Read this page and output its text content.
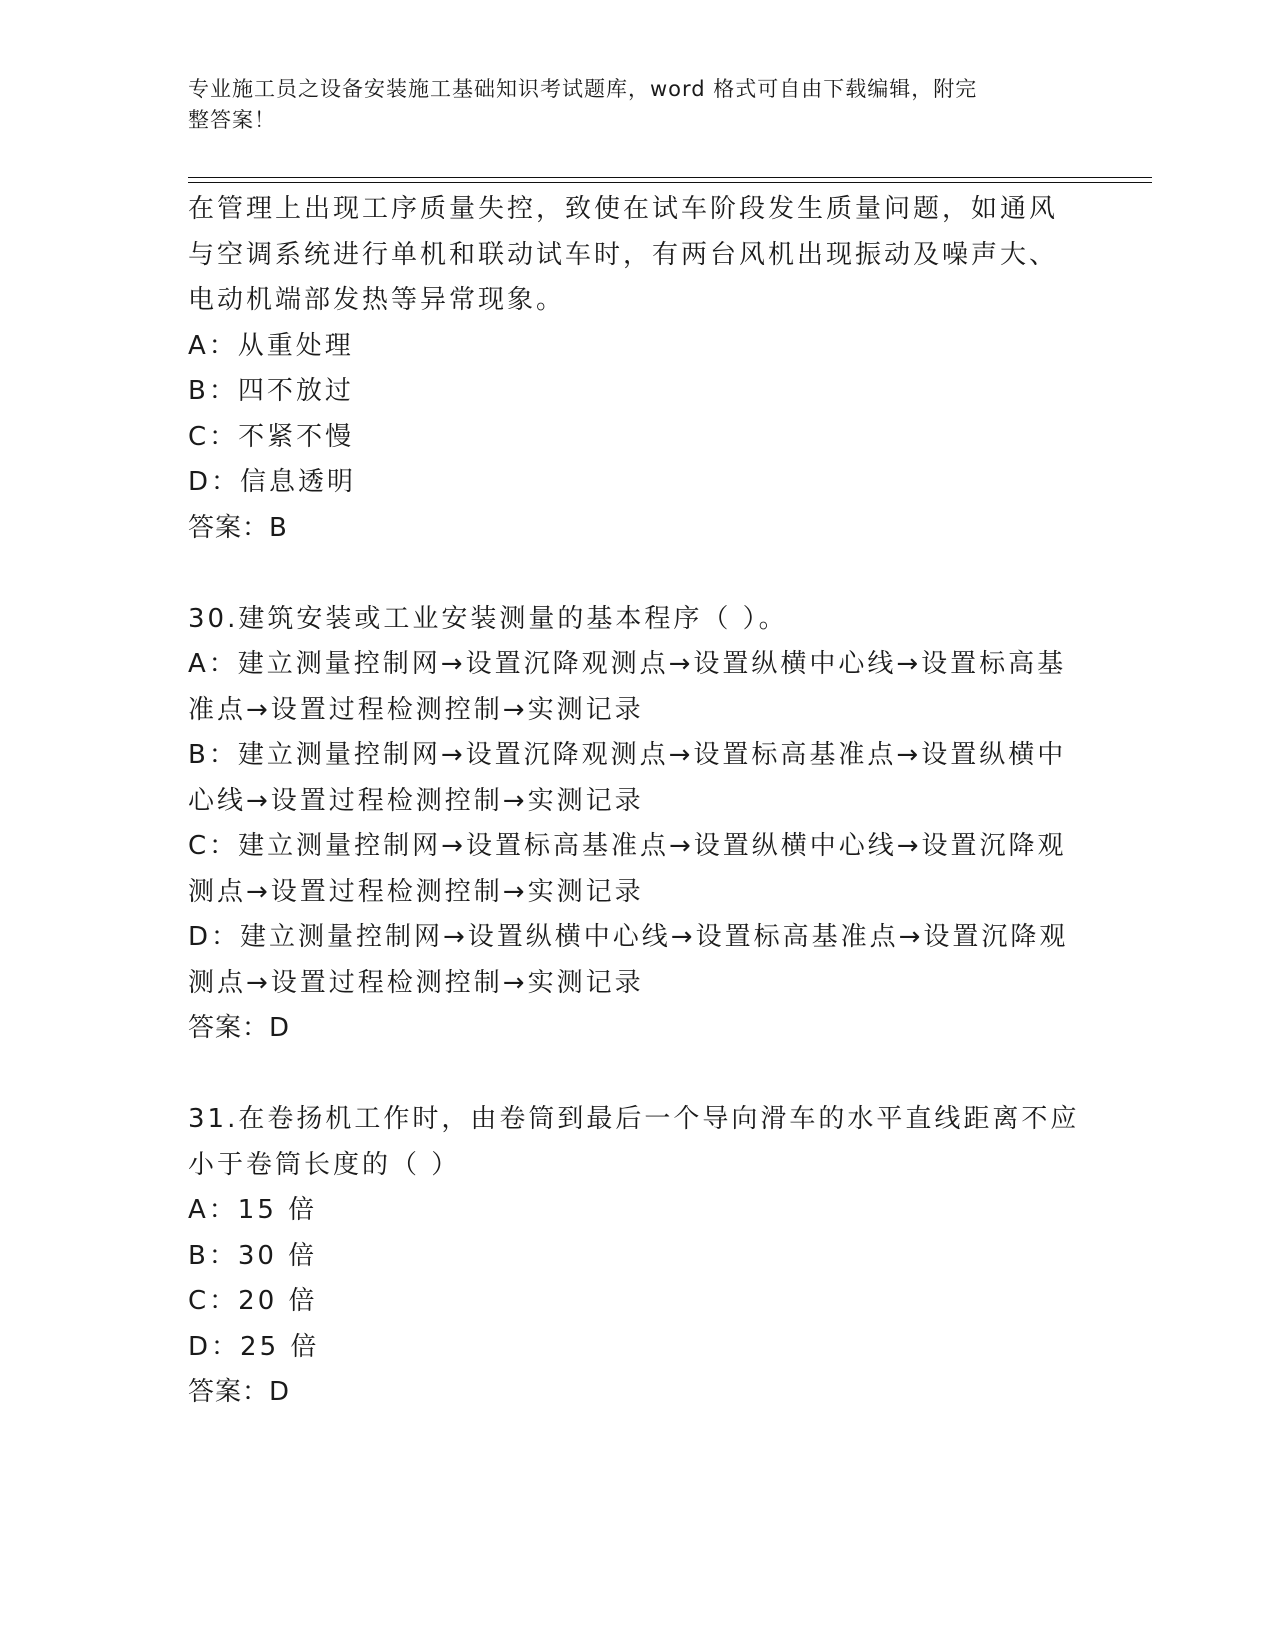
专业施工员之设备安装施工基础知识考试题库，word 格式可自由下载编辑，附完
整答案！

在管理上出现工序质量失控，致使在试车阶段发生质量问题，如通风

与空调系统进行单机和联动试车时，有两台风机出现振动及噪声大、

电动机端部发热等异常现象。

A：从重处理

B：四不放过

C：不紧不慢

D：信息透明

答案：B

30.建筑安装或工业安装测量的基本程序（ ）。

A：建立测量控制网→设置沉降观测点→设置纵横中心线→设置标高基

准点→设置过程检测控制→实测记录

B：建立测量控制网→设置沉降观测点→设置标高基准点→设置纵横中

心线→设置过程检测控制→实测记录

C：建立测量控制网→设置标高基准点→设置纵横中心线→设置沉降观

测点→设置过程检测控制→实测记录

D：建立测量控制网→设置纵横中心线→设置标高基准点→设置沉降观

测点→设置过程检测控制→实测记录

答案：D

31.在卷扬机工作时，由卷筒到最后一个导向滑车的水平直线距离不应

小于卷筒长度的（ ）

A：15 倍

B：30 倍

C：20 倍

D：25 倍

答案：D
